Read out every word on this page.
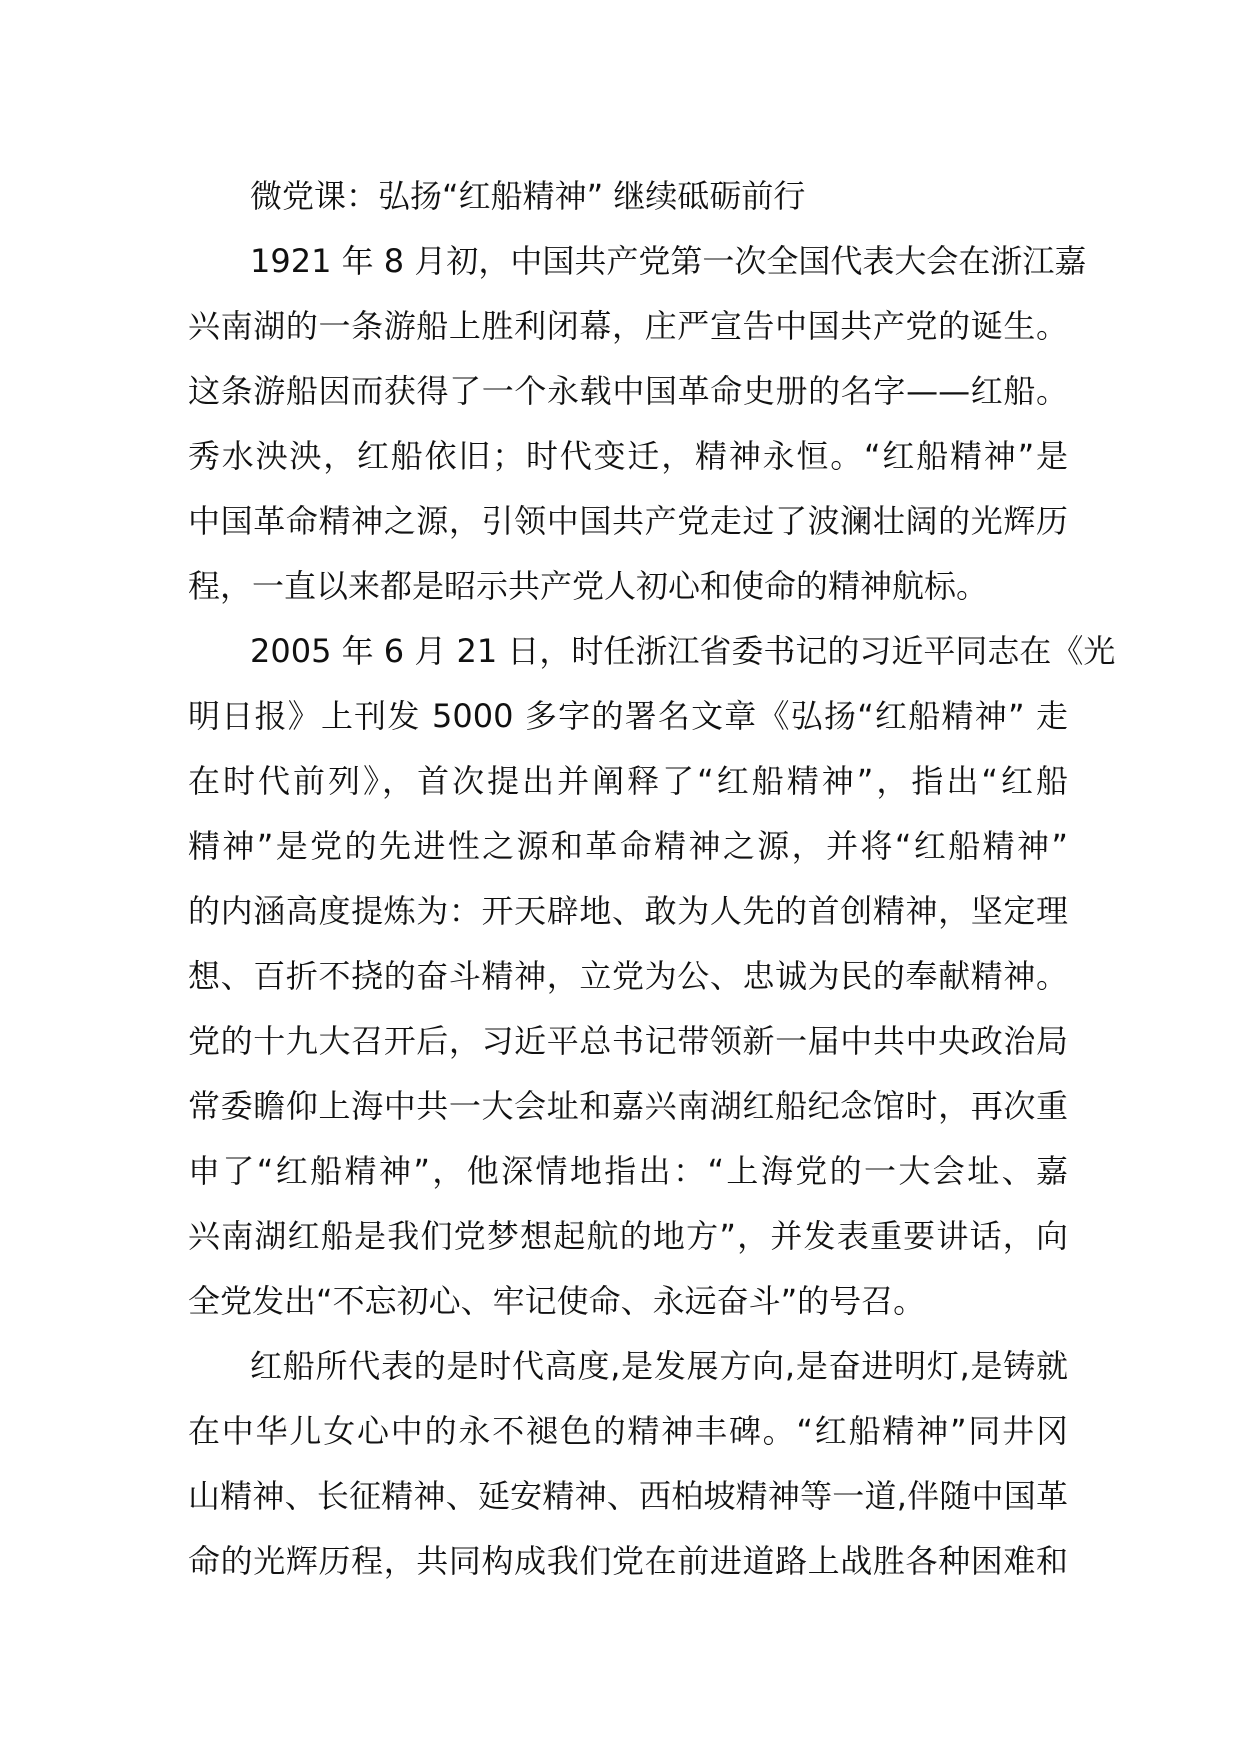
微党课：弘扬“红船精神” 继续砥砺前行
1921 年 8 月初，中国共产党第一次全国代表大会在浙江嘉
兴南湖的一条游船上胜利闭幕，庄严宣告中国共产党的诞生。
这条游船因而获得了一个永载中国革命史册的名字——红船。
秀水泱泱，红船依旧；时代变迁，精神永恒。“红船精神”是
中国革命精神之源，引领中国共产党走过了波澜壮阔的光辉历
程，一直以来都是昭示共产党人初心和使命的精神航标。
2005 年 6 月 21 日，时任浙江省委书记的习近平同志在《光
明日报》上刊发 5000 多字的署名文章《弘扬“红船精神” 走
在时代前列》，首次提出并阐释了“红船精神”，指出“红船
精神”是党的先进性之源和革命精神之源，并将“红船精神”
的内涵高度提炼为：开天辟地、敢为人先的首创精神，坚定理
想、百折不挠的奋斗精神，立党为公、忠诚为民的奉献精神。
党的十九大召开后，习近平总书记带领新一届中共中央政治局
常委瞻仰上海中共一大会址和嘉兴南湖红船纪念馆时，再次重
申了“红船精神”，他深情地指出：“上海党的一大会址、嘉
兴南湖红船是我们党梦想起航的地方”，并发表重要讲话，向
全党发出“不忘初心、牢记使命、永远奋斗”的号召。
红船所代表的是时代高度,是发展方向,是奋进明灯,是铸就
在中华儿女心中的永不褪色的精神丰碑。“红船精神”同井冈
山精神、长征精神、延安精神、西柏坡精神等一道,伴随中国革
命的光辉历程，共同构成我们党在前进道路上战胜各种困难和
